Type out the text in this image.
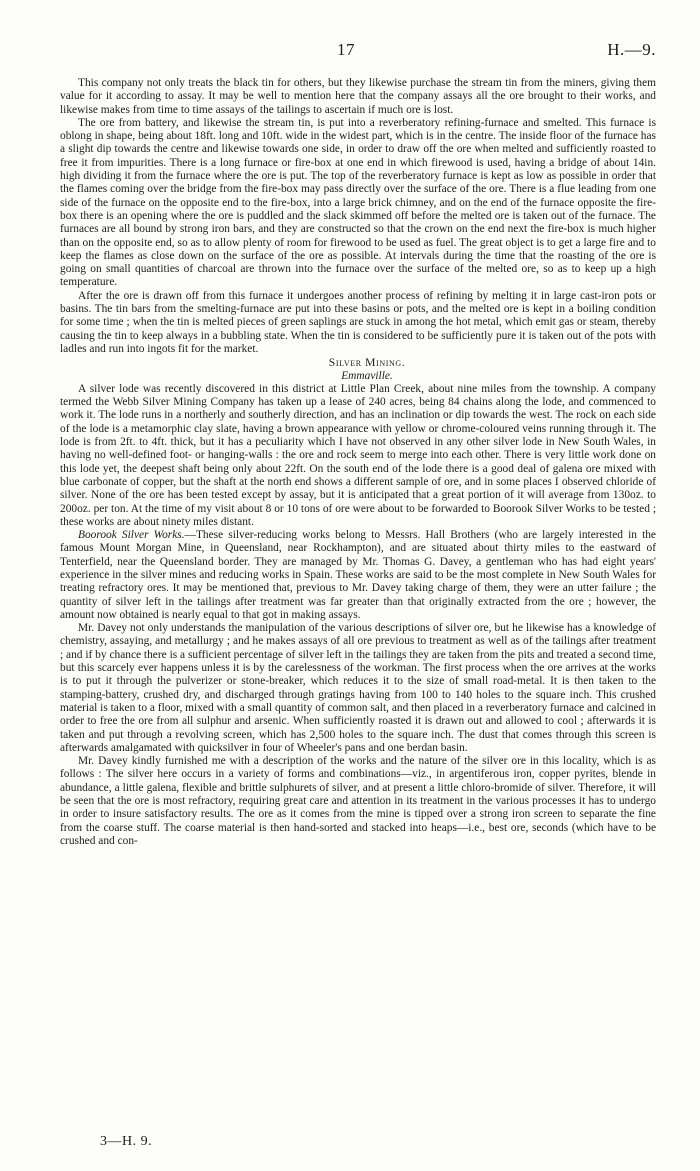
17	H.—9.

This company not only treats the black tin for others, but they likewise purchase the stream tin from the miners, giving them value for it according to assay. It may be well to mention here that the company assays all the ore brought to their works, and likewise makes from time to time assays of the tailings to ascertain if much ore is lost.

The ore from battery, and likewise the stream tin, is put into a reverberatory refining-furnace and smelted. This furnace is oblong in shape, being about 18ft. long and 10ft. wide in the widest part, which is in the centre. The inside floor of the furnace has a slight dip towards the centre and likewise towards one side, in order to draw off the ore when melted and sufficiently roasted to free it from impurities. There is a long furnace or fire-box at one end in which firewood is used, having a bridge of about 14in. high dividing it from the furnace where the ore is put. The top of the reverberatory furnace is kept as low as possible in order that the flames coming over the bridge from the fire-box may pass directly over the surface of the ore. There is a flue leading from one side of the furnace on the opposite end to the fire-box, into a large brick chimney, and on the end of the furnace opposite the fire-box there is an opening where the ore is puddled and the slack skimmed off before the melted ore is taken out of the furnace. The furnaces are all bound by strong iron bars, and they are constructed so that the crown on the end next the fire-box is much higher than on the opposite end, so as to allow plenty of room for firewood to be used as fuel. The great object is to get a large fire and to keep the flames as close down on the surface of the ore as possible. At intervals during the time that the roasting of the ore is going on small quantities of charcoal are thrown into the furnace over the surface of the melted ore, so as to keep up a high temperature.

After the ore is drawn off from this furnace it undergoes another process of refining by melting it in large cast-iron pots or basins. The tin bars from the smelting-furnace are put into these basins or pots, and the melted ore is kept in a boiling condition for some time ; when the tin is melted pieces of green saplings are stuck in among the hot metal, which emit gas or steam, thereby causing the tin to keep always in a bubbling state. When the tin is considered to be sufficiently pure it is taken out of the pots with ladles and run into ingots fit for the market.

Silver Mining.

Emmaville.

A silver lode was recently discovered in this district at Little Plan Creek, about nine miles from the township. A company termed the Webb Silver Mining Company has taken up a lease of 240 acres, being 84 chains along the lode, and commenced to work it. The lode runs in a northerly and southerly direction, and has an inclination or dip towards the west. The rock on each side of the lode is a metamorphic clay slate, having a brown appearance with yellow or chrome-coloured veins running through it. The lode is from 2ft. to 4ft. thick, but it has a peculiarity which I have not observed in any other silver lode in New South Wales, in having no well-defined foot- or hanging-walls : the ore and rock seem to merge into each other. There is very little work done on this lode yet, the deepest shaft being only about 22ft. On the south end of the lode there is a good deal of galena ore mixed with blue carbonate of copper, but the shaft at the north end shows a different sample of ore, and in some places I observed chloride of silver. None of the ore has been tested except by assay, but it is anticipated that a great portion of it will average from 130oz. to 200oz. per ton. At the time of my visit about 8 or 10 tons of ore were about to be forwarded to Boorook Silver Works to be tested ; these works are about ninety miles distant.

Boorook Silver Works.—These silver-reducing works belong to Messrs. Hall Brothers (who are largely interested in the famous Mount Morgan Mine, in Queensland, near Rockhampton), and are situated about thirty miles to the eastward of Tenterfield, near the Queensland border. They are managed by Mr. Thomas G. Davey, a gentleman who has had eight years' experience in the silver mines and reducing works in Spain. These works are said to be the most complete in New South Wales for treating refractory ores. It may be mentioned that, previous to Mr. Davey taking charge of them, they were an utter failure ; the quantity of silver left in the tailings after treatment was far greater than that originally extracted from the ore ; however, the amount now obtained is nearly equal to that got in making assays.

Mr. Davey not only understands the manipulation of the various descriptions of silver ore, but he likewise has a knowledge of chemistry, assaying, and metallurgy ; and he makes assays of all ore previous to treatment as well as of the tailings after treatment ; and if by chance there is a sufficient percentage of silver left in the tailings they are taken from the pits and treated a second time, but this scarcely ever happens unless it is by the carelessness of the workman. The first process when the ore arrives at the works is to put it through the pulverizer or stone-breaker, which reduces it to the size of small road-metal. It is then taken to the stamping-battery, crushed dry, and discharged through gratings having from 100 to 140 holes to the square inch. This crushed material is taken to a floor, mixed with a small quantity of common salt, and then placed in a reverberatory furnace and calcined in order to free the ore from all sulphur and arsenic. When sufficiently roasted it is drawn out and allowed to cool ; afterwards it is taken and put through a revolving screen, which has 2,500 holes to the square inch. The dust that comes through this screen is afterwards amalgamated with quicksilver in four of Wheeler's pans and one berdan basin.

Mr. Davey kindly furnished me with a description of the works and the nature of the silver ore in this locality, which is as follows : The silver here occurs in a variety of forms and combinations—viz., in argentiferous iron, copper pyrites, blende in abundance, a little galena, flexible and brittle sulphurets of silver, and at present a little chloro-bromide of silver. Therefore, it will be seen that the ore is most refractory, requiring great care and attention in its treatment in the various processes it has to undergo in order to insure satisfactory results. The ore as it comes from the mine is tipped over a strong iron screen to separate the fine from the coarse stuff. The coarse material is then hand-sorted and stacked into heaps—i.e., best ore, seconds (which have to be crushed and con-

3—H. 9.
